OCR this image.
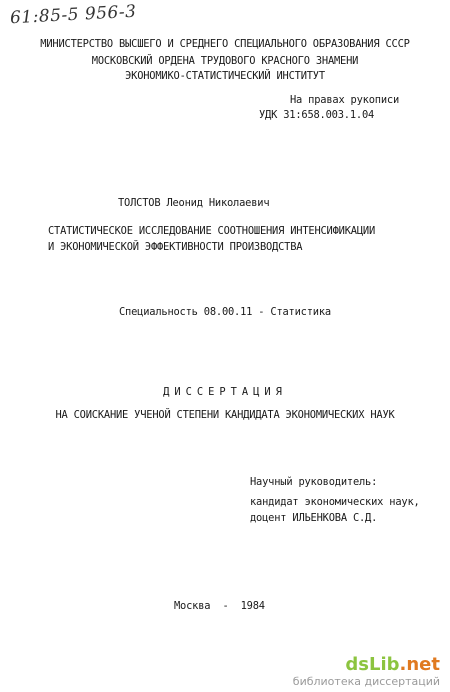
61:85-5 956-3
МИНИСТЕРСТВО ВЫСШЕГО И СРЕДНЕГО СПЕЦИАЛЬНОГО ОБРАЗОВАНИЯ СССР
МОСКОВСКИЙ ОРДЕНА ТРУДОВОГО КРАСНОГО ЗНАМЕНИ
ЭКОНОМИКО-СТАТИСТИЧЕСКИЙ ИНСТИТУТ
На правах рукописи
УДК 31:658.003.1.04
ТОЛСТОВ Леонид Николаевич
СТАТИСТИЧЕСКОЕ ИССЛЕДОВАНИЕ СООТНОШЕНИЯ ИНТЕНСИФИКАЦИИ
И ЭКОНОМИЧЕСКОЙ ЭФФЕКТИВНОСТИ ПРОИЗВОДСТВА
Специальность 08.00.11 - Статистика
ДИССЕРТАЦИЯ
НА СОИСКАНИЕ УЧЕНОЙ СТЕПЕНИ КАНДИДАТА ЭКОНОМИЧЕСКИХ НАУК
Научный руководитель:
кандидат экономических наук,
доцент ИЛЬЕНКОВА С.Д.
Москва  -  1984
dsLib.net
библиотека диссертаций
